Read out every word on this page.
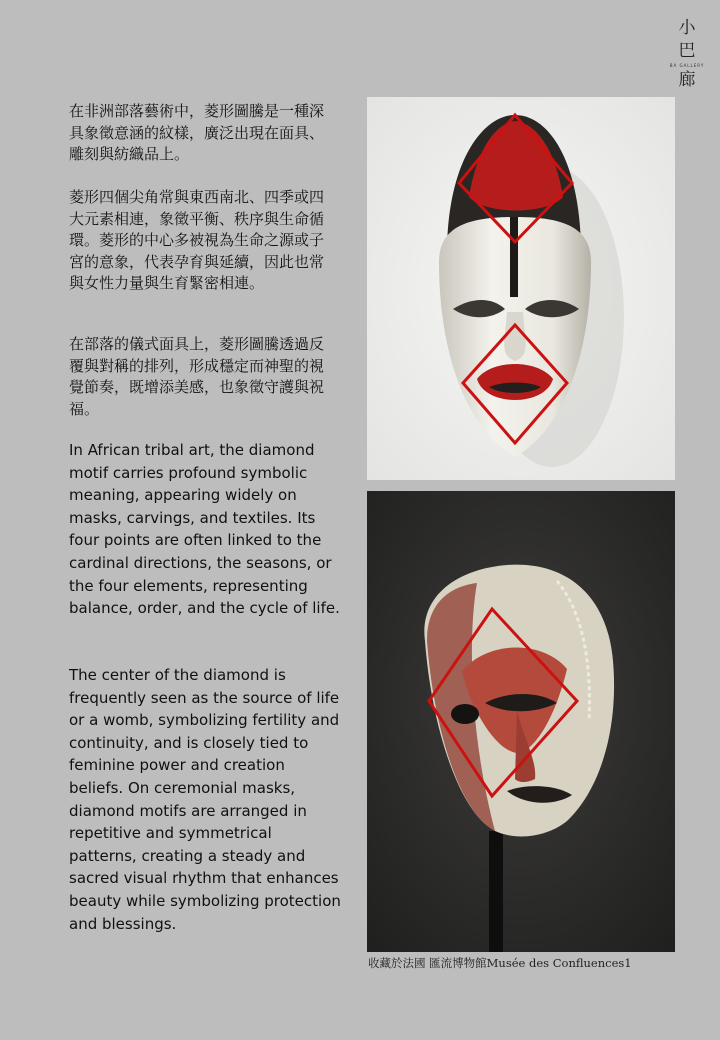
小
巴
BA GALLERY
廊

在非洲部落藝術中，菱形圖騰是一種深具象徵意涵的紋樣，廣泛出現在面具、雕刻與紡織品上。

菱形四個尖角常與東西南北、四季或四大元素相連，象徵平衡、秩序與生命循環。菱形的中心多被視為生命之源或子宮的意象，代表孕育與延續，因此也常與女性力量與生育緊密相連。

在部落的儀式面具上，菱形圖騰透過反覆與對稱的排列，形成穩定而神聖的視覺節奏，既增添美感，也象徵守護與祝福。

In African tribal art, the diamond motif carries profound symbolic meaning, appearing widely on masks, carvings, and textiles. Its four points are often linked to the cardinal directions, the seasons, or the four elements, representing balance, order, and the cycle of life.

The center of the diamond is frequently seen as the source of life or a womb, symbolizing fertility and continuity, and is closely tied to feminine power and creation beliefs. On ceremonial masks, diamond motifs are arranged in repetitive and symmetrical patterns, creating a steady and sacred visual rhythm that enhances beauty while symbolizing protection and blessings.

收藏於法國 匯流博物館Musée des Confluences1
